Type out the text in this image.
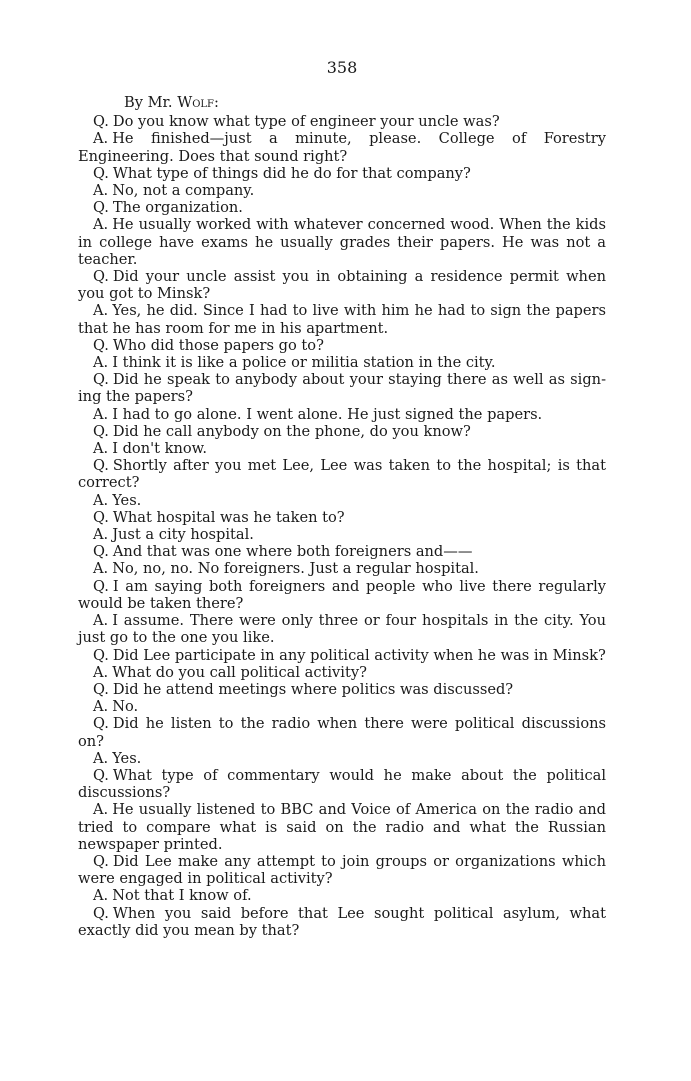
358

By Mr. Wolf:

Q. Do you know what type of engineer your uncle was?

A. He finished—just a minute, please. College of Forestry Engineering. Does that sound right?

Q. What type of things did he do for that company?

A. No, not a company.

Q. The organization.

A. He usually worked with whatever concerned wood. When the kids in college have exams he usually grades their papers. He was not a teacher.

Q. Did your uncle assist you in obtaining a residence permit when you got to Minsk?

A. Yes, he did. Since I had to live with him he had to sign the papers that he has room for me in his apartment.

Q. Who did those papers go to?

A. I think it is like a police or militia station in the city.

Q. Did he speak to anybody about your staying there as well as signing the papers?

A. I had to go alone. I went alone. He just signed the papers.

Q. Did he call anybody on the phone, do you know?

A. I don't know.

Q. Shortly after you met Lee, Lee was taken to the hospital; is that correct?

A. Yes.

Q. What hospital was he taken to?

A. Just a city hospital.

Q. And that was one where both foreigners and——

A. No, no, no. No foreigners. Just a regular hospital.

Q. I am saying both foreigners and people who live there regularly would be taken there?

A. I assume. There were only three or four hospitals in the city. You just go to the one you like.

Q. Did Lee participate in any political activity when he was in Minsk?

A. What do you call political activity?

Q. Did he attend meetings where politics was discussed?

A. No.

Q. Did he listen to the radio when there were political discussions on?

A. Yes.

Q. What type of commentary would he make about the political discussions?

A. He usually listened to BBC and Voice of America on the radio and tried to compare what is said on the radio and what the Russian newspaper printed.

Q. Did Lee make any attempt to join groups or organizations which were engaged in political activity?

A. Not that I know of.

Q. When you said before that Lee sought political asylum, what exactly did you mean by that?
